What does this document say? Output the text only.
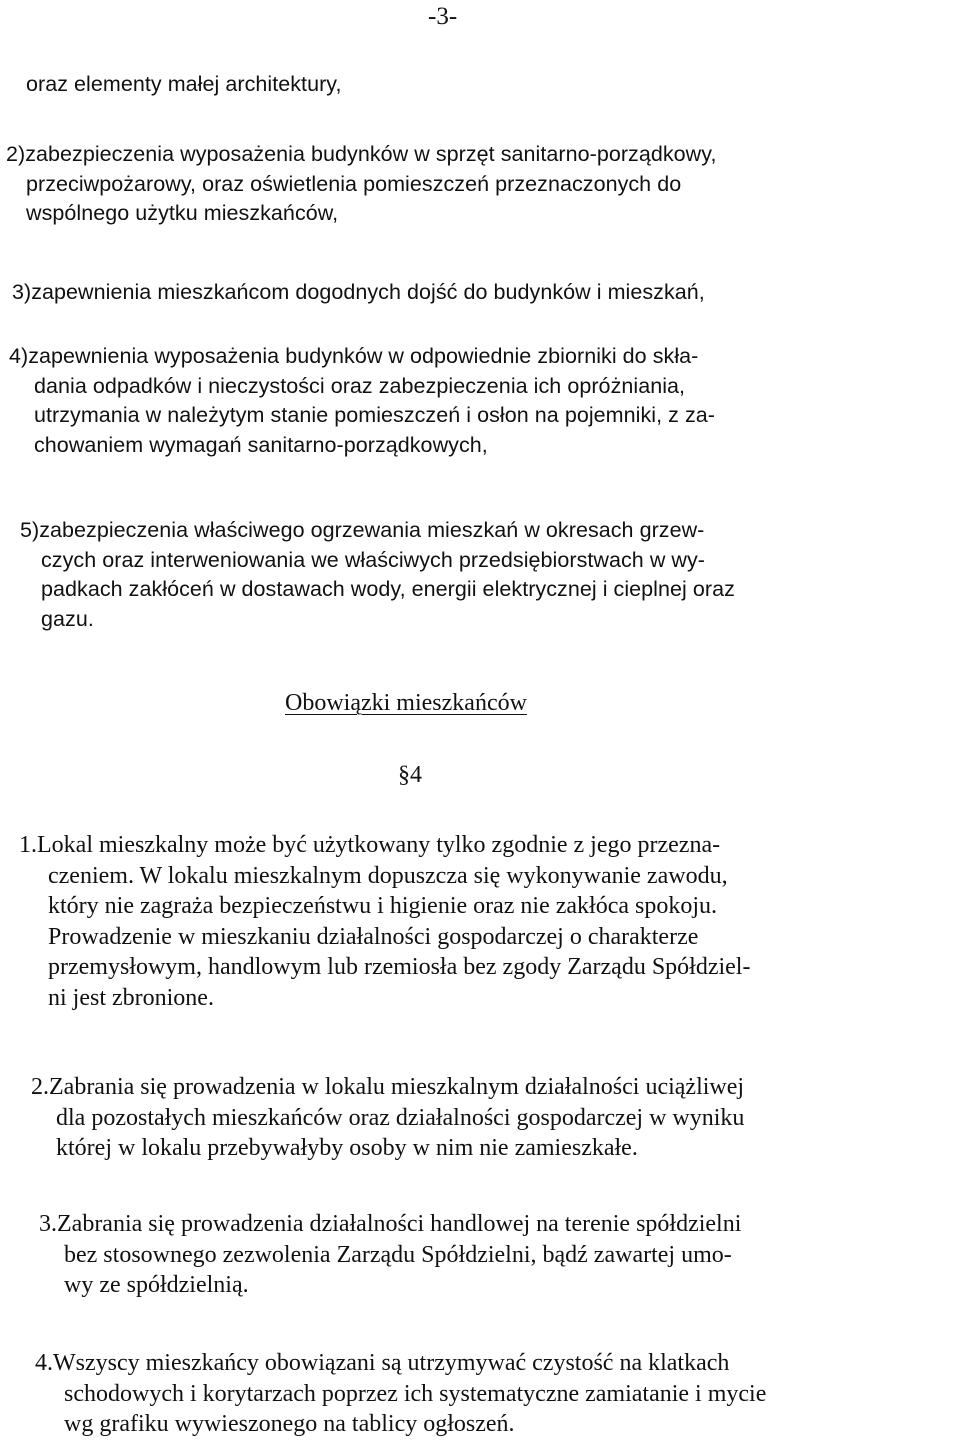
-3-

oraz elementy małej architektury,

2)zabezpieczenia wyposażenia budynków w sprzęt sanitarno-porządkowy,
przeciwpożarowy, oraz oświetlenia pomieszczeń przeznaczonych do
wspólnego użytku mieszkańców,
3)zapewnienia mieszkańcom dogodnych dojść do budynków i mieszkań,
4)zapewnienia wyposażenia budynków w odpowiednie zbiorniki do skła-
dania odpadków i nieczystości oraz zabezpieczenia ich opróżniania,
utrzymania w należytym stanie pomieszczeń i osłon na pojemniki, z za-
chowaniem wymagań sanitarno-porządkowych,
5)zabezpieczenia właściwego ogrzewania mieszkań w okresach grzew-
czych oraz interweniowania we właściwych przedsiębiorstwach w wy-
padkach zakłóceń w dostawach wody, energii elektrycznej i cieplnej oraz
gazu.
Obowiązki mieszkańców
§4
1.Lokal mieszkalny może być użytkowany tylko zgodnie z jego przezna-
czeniem. W lokalu mieszkalnym dopuszcza się wykonywanie zawodu,
który nie zagraża bezpieczeństwu i higienie oraz nie zakłóca spokoju.
Prowadzenie w mieszkaniu działalności gospodarczej o charakterze
przemysłowym, handlowym lub rzemiosła bez zgody Zarządu Spółdziel-
ni jest zbronione.
2.Zabrania się prowadzenia w lokalu mieszkalnym działalności uciążliwej
dla pozostałych mieszkańców oraz działalności gospodarczej w wyniku
której w lokalu przebywałyby osoby w nim nie zamieszkałe.
3.Zabrania się prowadzenia działalności handlowej na terenie spółdzielni
bez stosownego zezwolenia Zarządu Spółdzielni, bądź zawartej umo-
wy ze spółdzielnią.
4.Wszyscy mieszkańcy obowiązani są utrzymywać czystość na klatkach
schodowych i korytarzach poprzez ich systematyczne zamiatanie i mycie
wg grafiku wywieszonego na tablicy ogłoszeń.
